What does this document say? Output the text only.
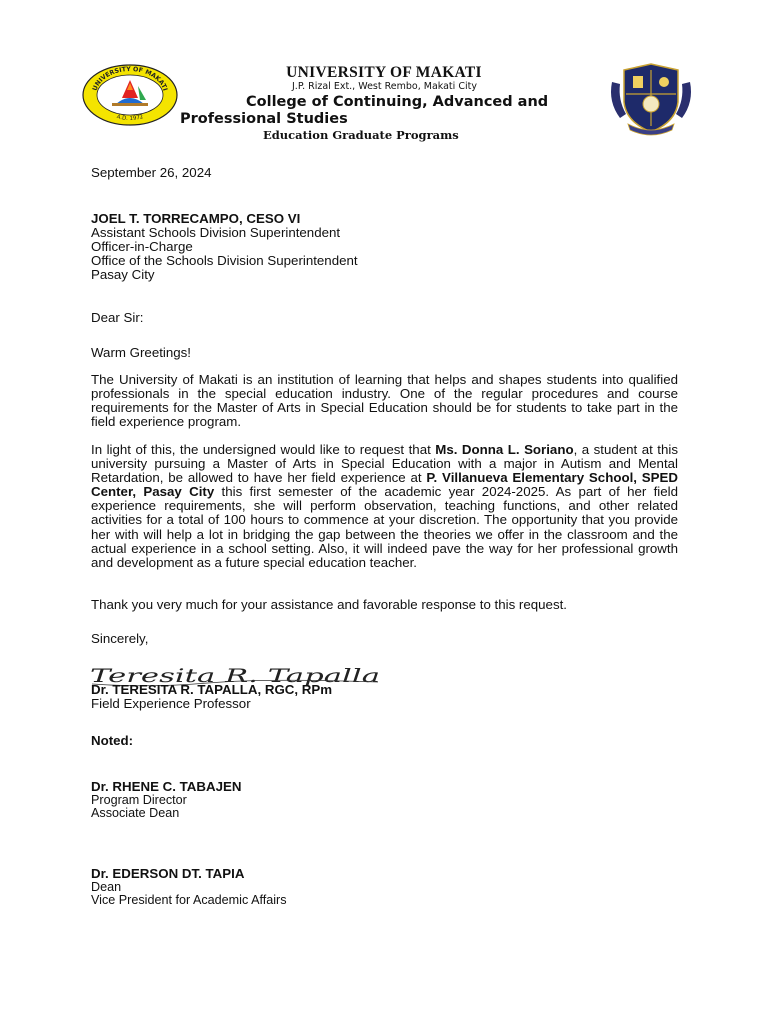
UNIVERSITY OF MAKATI
A.D. 1972
UNIVERSITY OF MAKATI
J.P. Rizal Ext., West Rembo, Makati City
College of Continuing, Advanced and
Professional Studies
Education Graduate Programs
September 26, 2024
JOEL T. TORRECAMPO, CESO VI
Assistant Schools Division Superintendent
Officer-in-Charge
Office of the Schools Division Superintendent
Pasay City
Dear Sir:
Warm Greetings!
The University of Makati is an institution of learning that helps and shapes students into qualified professionals in the special education industry. One of the regular procedures and course requirements for the Master of Arts in Special Education should be for students to take part in the field experience program.
In light of this, the undersigned would like to request that Ms. Donna L. Soriano, a student at this university pursuing a Master of Arts in Special Education with a major in Autism and Mental Retardation, be allowed to have her field experience at P. Villanueva Elementary School, SPED Center, Pasay City this first semester of the academic year 2024-2025. As part of her field experience requirements, she will perform observation, teaching functions, and other related activities for a total of 100 hours to commence at your discretion. The opportunity that you provide her with will help a lot in bridging the gap between the theories we offer in the classroom and the actual experience in a school setting. Also, it will indeed pave the way for her professional growth and development as a future special education teacher.
Thank you very much for your assistance and favorable response to this request.
Sincerely,
Teresita R. Tapalla
Dr. TERESITA R. TAPALLA, RGC, RPm
Field Experience Professor
Noted:
Dr. RHENE C. TABAJEN
Program Director
Associate Dean
Dr. EDERSON DT. TAPIA
Dean
Vice President for Academic Affairs
